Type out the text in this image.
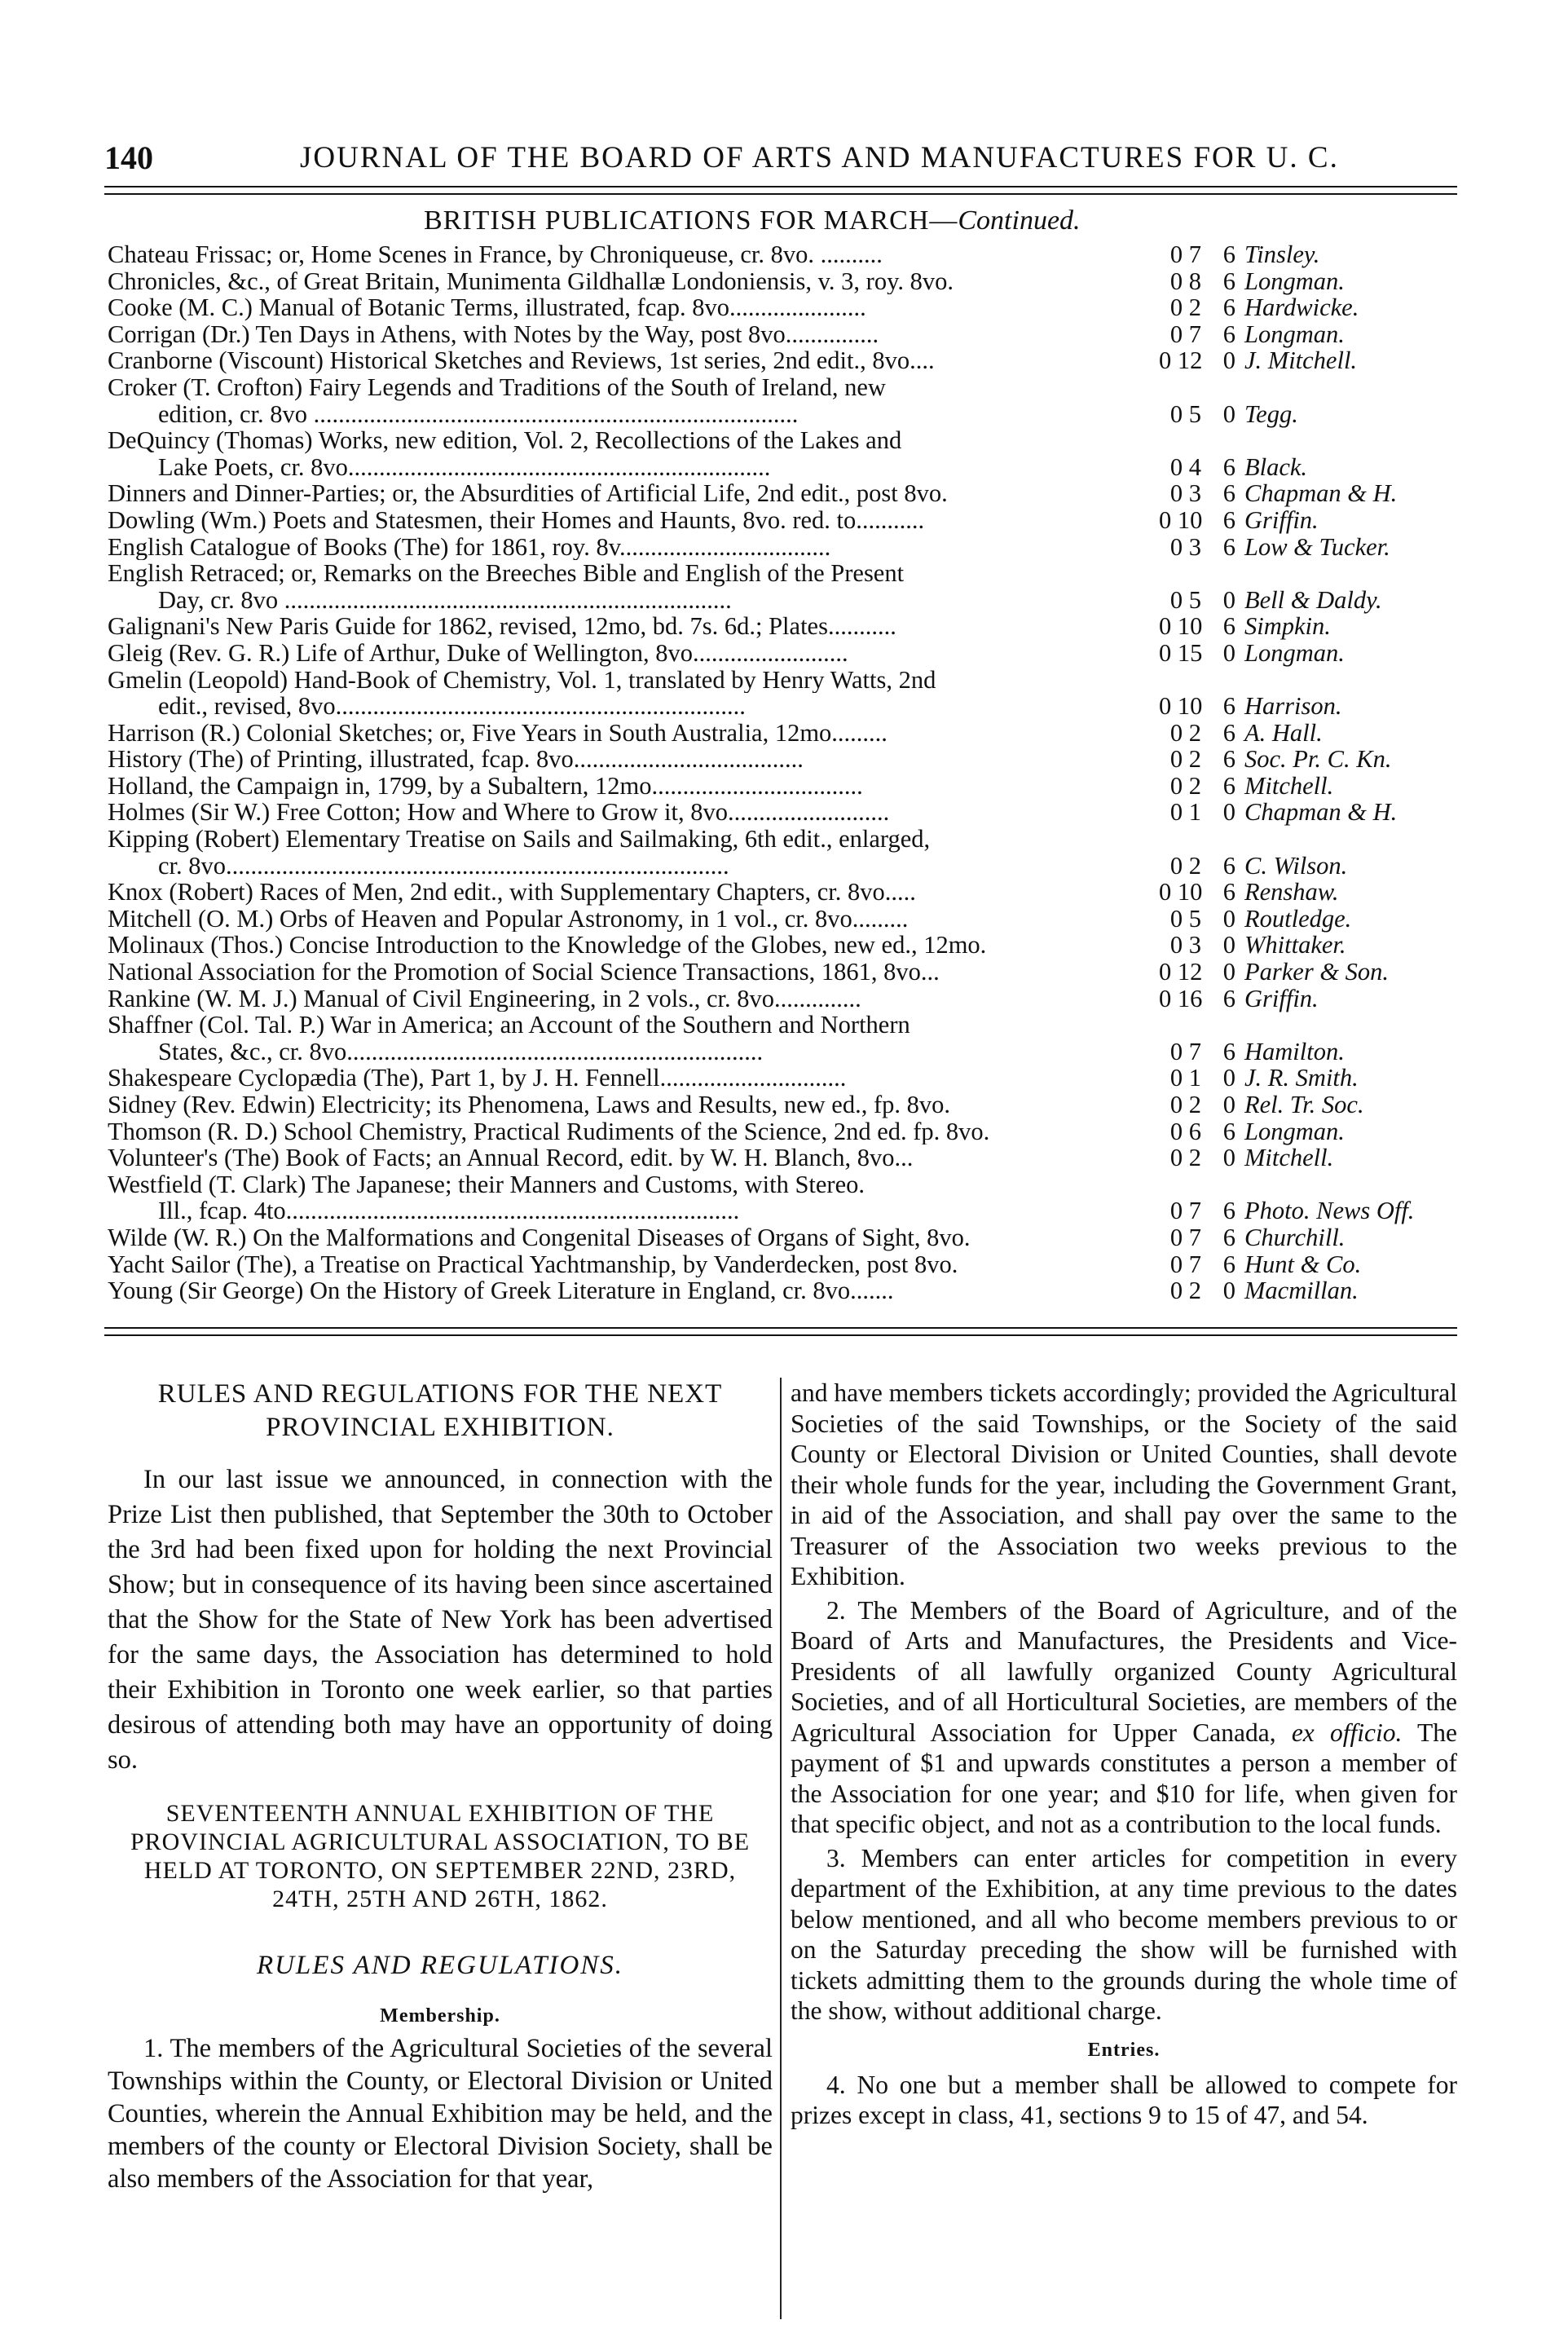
140	JOURNAL OF THE BOARD OF ARTS AND MANUFACTURES FOR U. C.
BRITISH PUBLICATIONS FOR MARCH—Continued.
Chateau Frissac; or, Home Scenes in France, by Chroniqueuse, cr. 8vo. ..........	0 7 6 Tinsley.
Chronicles, &c., of Great Britain, Munimenta Gildhallæ Londoniensis, v. 3, roy. 8vo.	0 8 6 Longman.
Cooke (M. C.) Manual of Botanic Terms, illustrated, fcap. 8vo......................	0 2 6 Hardwicke.
Corrigan (Dr.) Ten Days in Athens, with Notes by the Way, post 8vo...............	0 7 6 Longman.
Cranborne (Viscount) Historical Sketches and Reviews, 1st series, 2nd edit., 8vo....	0 12 0 J. Mitchell.
Croker (T. Crofton) Fairy Legends and Traditions of the South of Ireland, new
edition, cr. 8vo ..............................................................................	0 5 0 Tegg.
DeQuincy (Thomas) Works, new edition, Vol. 2, Recollections of the Lakes and
Lake Poets, cr. 8vo....................................................................	0 4 6 Black.
Dinners and Dinner-Parties; or, the Absurdities of Artificial Life, 2nd edit., post 8vo.	0 3 6 Chapman & H.
Dowling (Wm.) Poets and Statesmen, their Homes and Haunts, 8vo. red. to...........	0 10 6 Griffin.
English Catalogue of Books (The) for 1861, roy. 8v..................................	0 3 6 Low & Tucker.
English Retraced; or, Remarks on the Breeches Bible and English of the Present
Day, cr. 8vo ........................................................................	0 5 0 Bell & Daldy.
Galignani's New Paris Guide for 1862, revised, 12mo, bd. 7s. 6d.; Plates...........	0 10 6 Simpkin.
Gleig (Rev. G. R.) Life of Arthur, Duke of Wellington, 8vo.........................	0 15 0 Longman.
Gmelin (Leopold) Hand-Book of Chemistry, Vol. 1, translated by Henry Watts, 2nd
edit., revised, 8vo..................................................................	0 10 6 Harrison.
Harrison (R.) Colonial Sketches; or, Five Years in South Australia, 12mo.........	0 2 6 A. Hall.
History (The) of Printing, illustrated, fcap. 8vo.....................................	0 2 6 Soc. Pr. C. Kn.
Holland, the Campaign in, 1799, by a Subaltern, 12mo..................................	0 2 6 Mitchell.
Holmes (Sir W.) Free Cotton; How and Where to Grow it, 8vo..........................	0 1 0 Chapman & H.
Kipping (Robert) Elementary Treatise on Sails and Sailmaking, 6th edit., enlarged,
cr. 8vo.................................................................................	0 2 6 C. Wilson.
Knox (Robert) Races of Men, 2nd edit., with Supplementary Chapters, cr. 8vo.....	0 10 6 Renshaw.
Mitchell (O. M.) Orbs of Heaven and Popular Astronomy, in 1 vol., cr. 8vo.........	0 5 0 Routledge.
Molinaux (Thos.) Concise Introduction to the Knowledge of the Globes, new ed., 12mo.	0 3 0 Whittaker.
National Association for the Promotion of Social Science Transactions, 1861, 8vo...	0 12 0 Parker & Son.
Rankine (W. M. J.) Manual of Civil Engineering, in 2 vols., cr. 8vo..............	0 16 6 Griffin.
Shaffner (Col. Tal. P.) War in America; an Account of the Southern and Northern
States, &c., cr. 8vo...................................................................	0 7 6 Hamilton.
Shakespeare Cyclopædia (The), Part 1, by J. H. Fennell..............................	0 1 0 J. R. Smith.
Sidney (Rev. Edwin) Electricity; its Phenomena, Laws and Results, new ed., fp. 8vo.	0 2 0 Rel. Tr. Soc.
Thomson (R. D.) School Chemistry, Practical Rudiments of the Science, 2nd ed. fp. 8vo.	0 6 6 Longman.
Volunteer's (The) Book of Facts; an Annual Record, edit. by W. H. Blanch, 8vo...	0 2 0 Mitchell.
Westfield (T. Clark) The Japanese; their Manners and Customs, with Stereo.
Ill., fcap. 4to.........................................................................	0 7 6 Photo. News Off.
Wilde (W. R.) On the Malformations and Congenital Diseases of Organs of Sight, 8vo.	0 7 6 Churchill.
Yacht Sailor (The), a Treatise on Practical Yachtmanship, by Vanderdecken, post 8vo.	0 7 6 Hunt & Co.
Young (Sir George) On the History of Greek Literature in England, cr. 8vo.......	0 2 0 Macmillan.

RULES AND REGULATIONS FOR THE NEXT PROVINCIAL EXHIBITION.

In our last issue we announced, in connection with the Prize List then published, that September the 30th to October the 3rd had been fixed upon for holding the next Provincial Show; but in consequence of its having been since ascertained that the Show for the State of New York has been advertised for the same days, the Association has determined to hold their Exhibition in Toronto one week earlier, so that parties desirous of attending both may have an opportunity of doing so.

SEVENTEENTH ANNUAL EXHIBITION OF THE PROVINCIAL AGRICULTURAL ASSOCIATION, TO BE HELD AT TORONTO, ON SEPTEMBER 22ND, 23RD, 24TH, 25TH AND 26TH, 1862.

RULES AND REGULATIONS.

Membership.

1. The members of the Agricultural Societies of the several Townships within the County, or Electoral Division or United Counties, wherein the Annual Exhibition may be held, and the members of the county or Electoral Division Society, shall be also members of the Association for that year,

and have members tickets accordingly; provided the Agricultural Societies of the said Townships, or the Society of the said County or Electoral Division or United Counties, shall devote their whole funds for the year, including the Government Grant, in aid of the Association, and shall pay over the same to the Treasurer of the Association two weeks previous to the Exhibition.

2. The Members of the Board of Agriculture, and of the Board of Arts and Manufactures, the Presidents and Vice-Presidents of all lawfully organized County Agricultural Societies, and of all Horticultural Societies, are members of the Agricultural Association for Upper Canada, ex officio. The payment of $1 and upwards constitutes a person a member of the Association for one year; and $10 for life, when given for that specific object, and not as a contribution to the local funds.

3. Members can enter articles for competition in every department of the Exhibition, at any time previous to the dates below mentioned, and all who become members previous to or on the Saturday preceding the show will be furnished with tickets admitting them to the grounds during the whole time of the show, without additional charge.

Entries.

4. No one but a member shall be allowed to compete for prizes except in class, 41, sections 9 to 15 of 47, and 54.
